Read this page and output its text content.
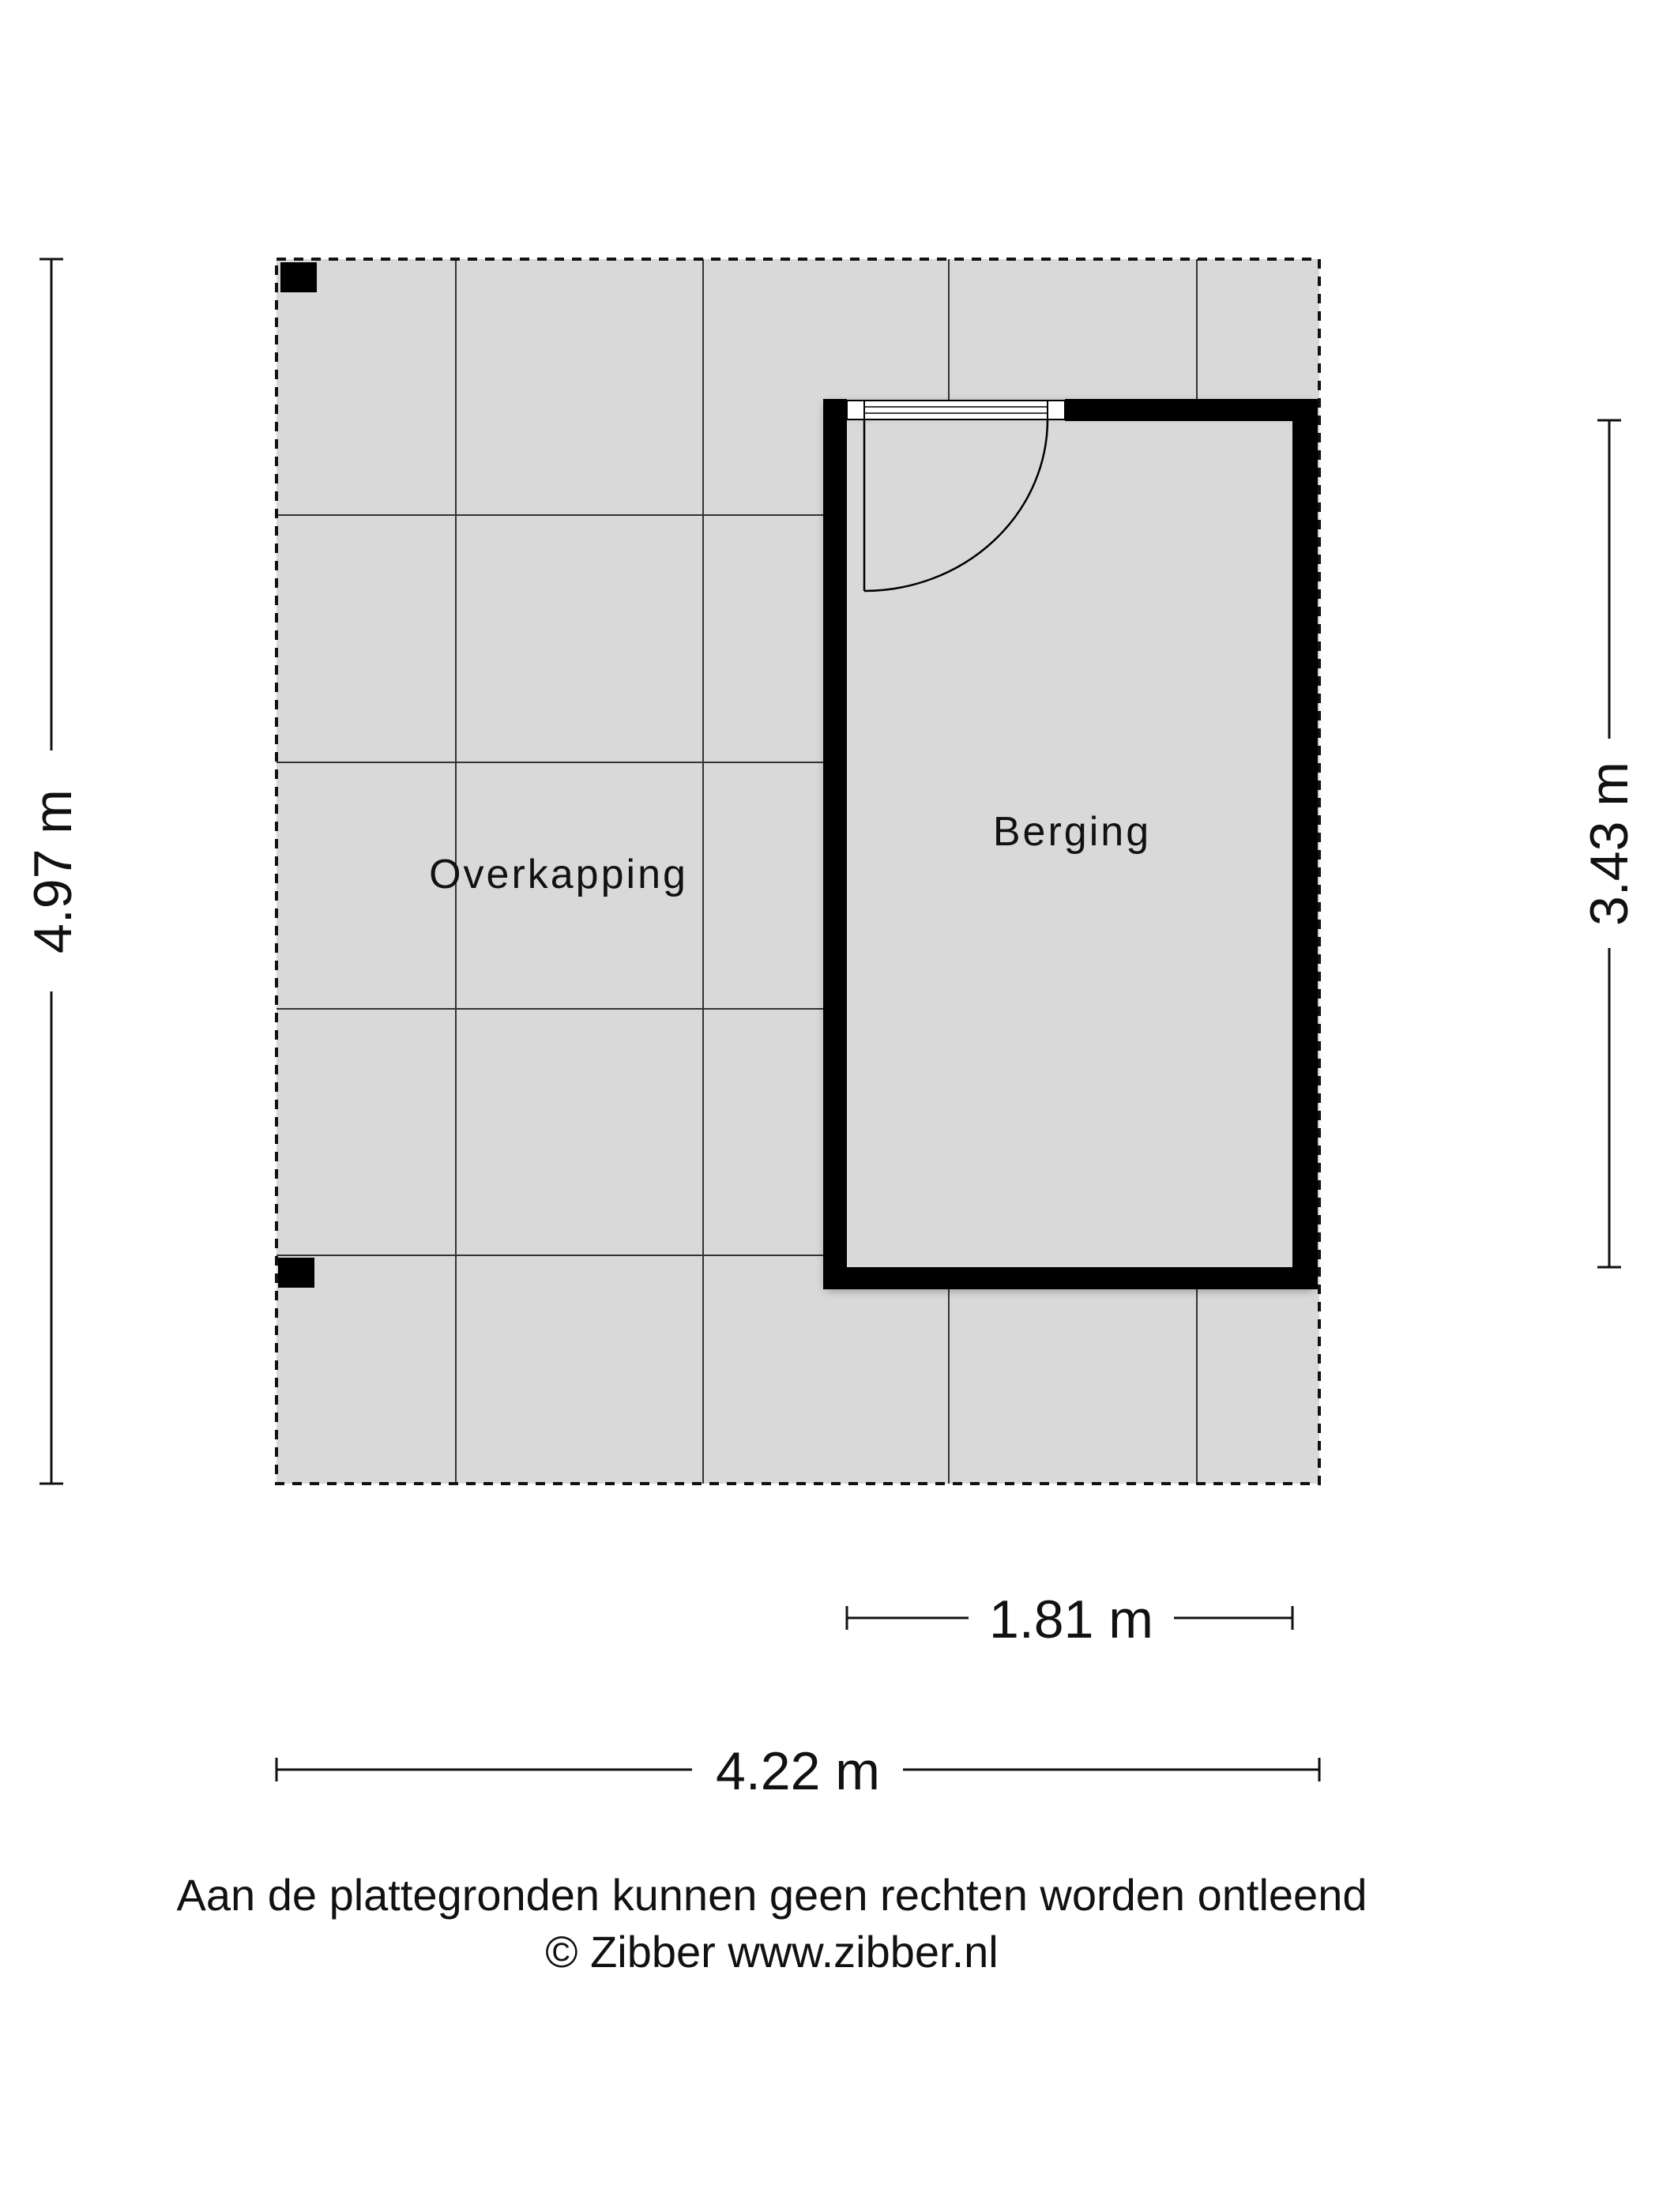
Overkapping
Berging
4.97 m	3.43 m
1.81 m
4.22 m
Aan de plattegronden kunnen geen rechten worden ontleend
© Zibber www.zibber.nl
